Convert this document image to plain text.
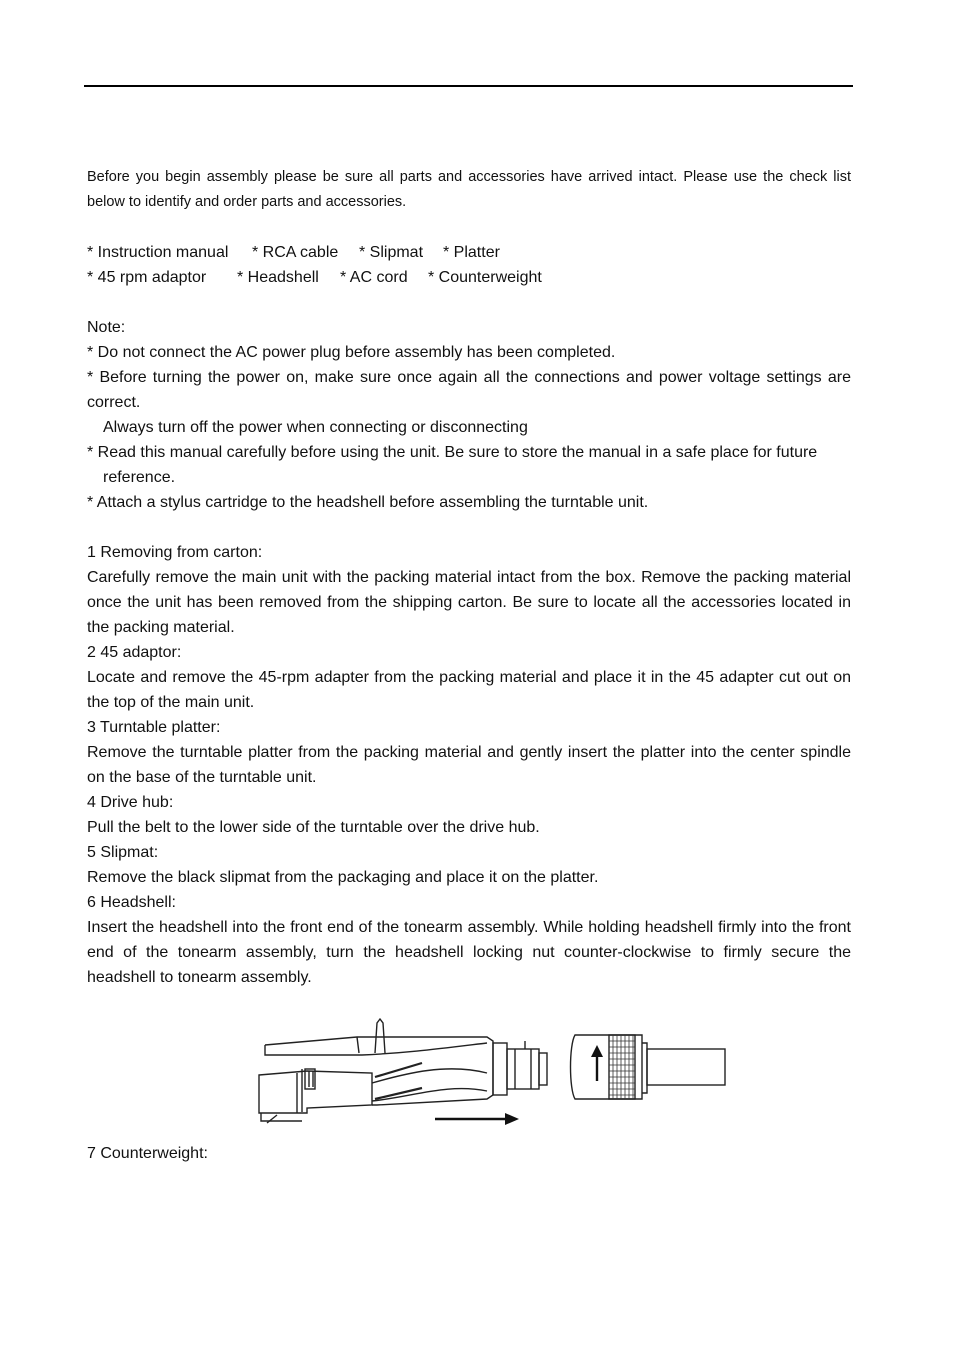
Before you begin assembly please be sure all parts and accessories have arrived intact. Please use the check list below to identify and order parts and accessories.

* Instruction manual * RCA cable * Slipmat * Platter

* 45 rpm adaptor * Headshell * AC cord * Counterweight

Note:

* Do not connect the AC power plug before assembly has been completed.

* Before turning the power on, make sure once again all the connections and power voltage settings are correct.

Always turn off the power when connecting or disconnecting

* Read this manual carefully before using the unit. Be sure to store the manual in a safe place for future

reference.

* Attach a stylus cartridge to the headshell before assembling the turntable unit.

1 Removing from carton:

Carefully remove the main unit with the packing material intact from the box. Remove the packing material once the unit has been removed from the shipping carton. Be sure to locate all the accessories located in the packing material.

2 45 adaptor:

Locate and remove the 45-rpm adapter from the packing material and place it in the 45 adapter cut out on the top of the main unit.

3 Turntable platter:

Remove the turntable platter from the packing material and gently insert the platter into the center spindle on the base of the turntable unit.

4 Drive hub:

Pull the belt to the lower side of the turntable over the drive hub.

5 Slipmat:

Remove the black slipmat from the packaging and place it on the platter.

6 Headshell:

Insert the headshell into the front end of the tonearm assembly. While holding headshell firmly into the front end of the tonearm assembly, turn the headshell locking nut counter-clockwise to firmly secure the headshell to tonearm assembly.

7 Counterweight:
